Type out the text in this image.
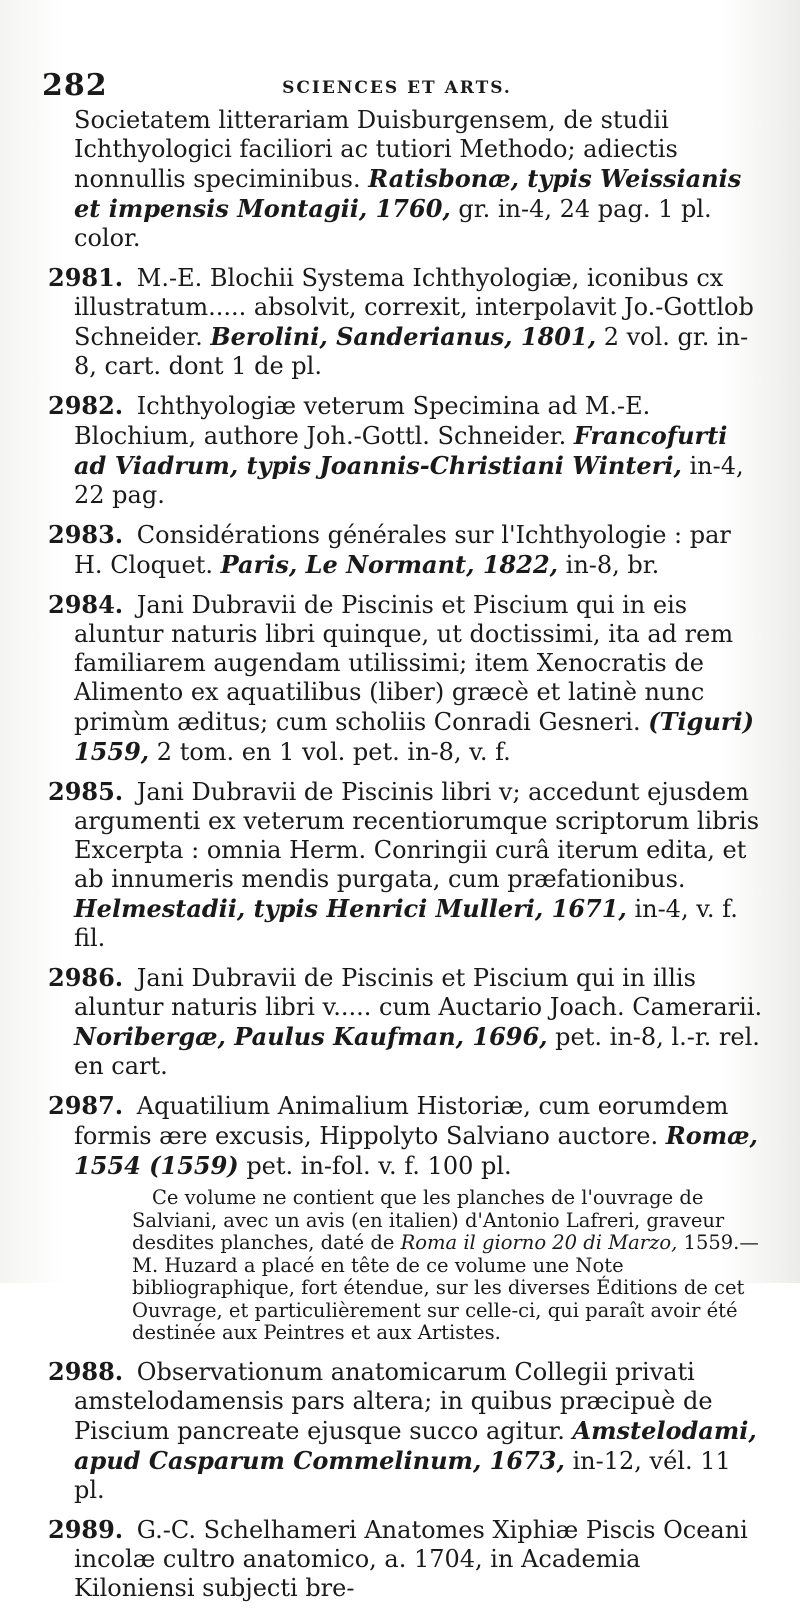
282	SCIENCES ET ARTS.

Societatem litterariam Duisburgensem, de studii Ichthyologici faciliori ac tutiori Methodo; adiectis nonnullis speciminibus. Ratisbonæ, typis Weissianis et impensis Montagii, 1760, gr. in-4, 24 pag. 1 pl. color.

2981. M.-E. Blochii Systema Ichthyologiæ, iconibus cx illustratum..... absolvit, correxit, interpolavit Jo.-Gottlob Schneider. Berolini, Sanderianus, 1801, 2 vol. gr. in-8, cart. dont 1 de pl.

2982. Ichthyologiæ veterum Specimina ad M.-E. Blochium, authore Joh.-Gottl. Schneider. Francofurti ad Viadrum, typis Joannis-Christiani Winteri, in-4, 22 pag.

2983. Considérations générales sur l'Ichthyologie : par H. Cloquet. Paris, Le Normant, 1822, in-8, br.

2984. Jani Dubravii de Piscinis et Piscium qui in eis aluntur naturis libri quinque, ut doctissimi, ita ad rem familiarem augendam utilissimi; item Xenocratis de Alimento ex aquatilibus (liber) græcè et latinè nunc primùm æditus; cum scholiis Conradi Gesneri. (Tiguri) 1559, 2 tom. en 1 vol. pet. in-8, v. f.

2985. Jani Dubravii de Piscinis libri v; accedunt ejusdem argumenti ex veterum recentiorumque scriptorum libris Excerpta : omnia Herm. Conringii curâ iterum edita, et ab innumeris mendis purgata, cum præfationibus. Helmestadii, typis Henrici Mulleri, 1671, in-4, v. f. fil.

2986. Jani Dubravii de Piscinis et Piscium qui in illis aluntur naturis libri v..... cum Auctario Joach. Camerarii. Noribergæ, Paulus Kaufman, 1696, pet. in-8, l.-r. rel. en cart.

2987. Aquatilium Animalium Historiæ, cum eorumdem formis ære excusis, Hippolyto Salviano auctore. Romæ, 1554 (1559) pet. in-fol. v. f. 100 pl.

Ce volume ne contient que les planches de l'ouvrage de Salviani, avec un avis (en italien) d'Antonio Lafreri, graveur desdites planches, daté de Roma il giorno 20 di Marzo, 1559.—M. Huzard a placé en tête de ce volume une Note bibliographique, fort étendue, sur les diverses Éditions de cet Ouvrage, et particulièrement sur celle-ci, qui paraît avoir été destinée aux Peintres et aux Artistes.

2988. Observationum anatomicarum Collegii privati amstelodamensis pars altera; in quibus præcipuè de Piscium pancreate ejusque succo agitur. Amstelodami, apud Casparum Commelinum, 1673, in-12, vél. 11 pl.

2989. G.-C. Schelhameri Anatomes Xiphiæ Piscis Oceani incolæ cultro anatomico, a. 1704, in Academia Kiloniensi subjecti bre-
